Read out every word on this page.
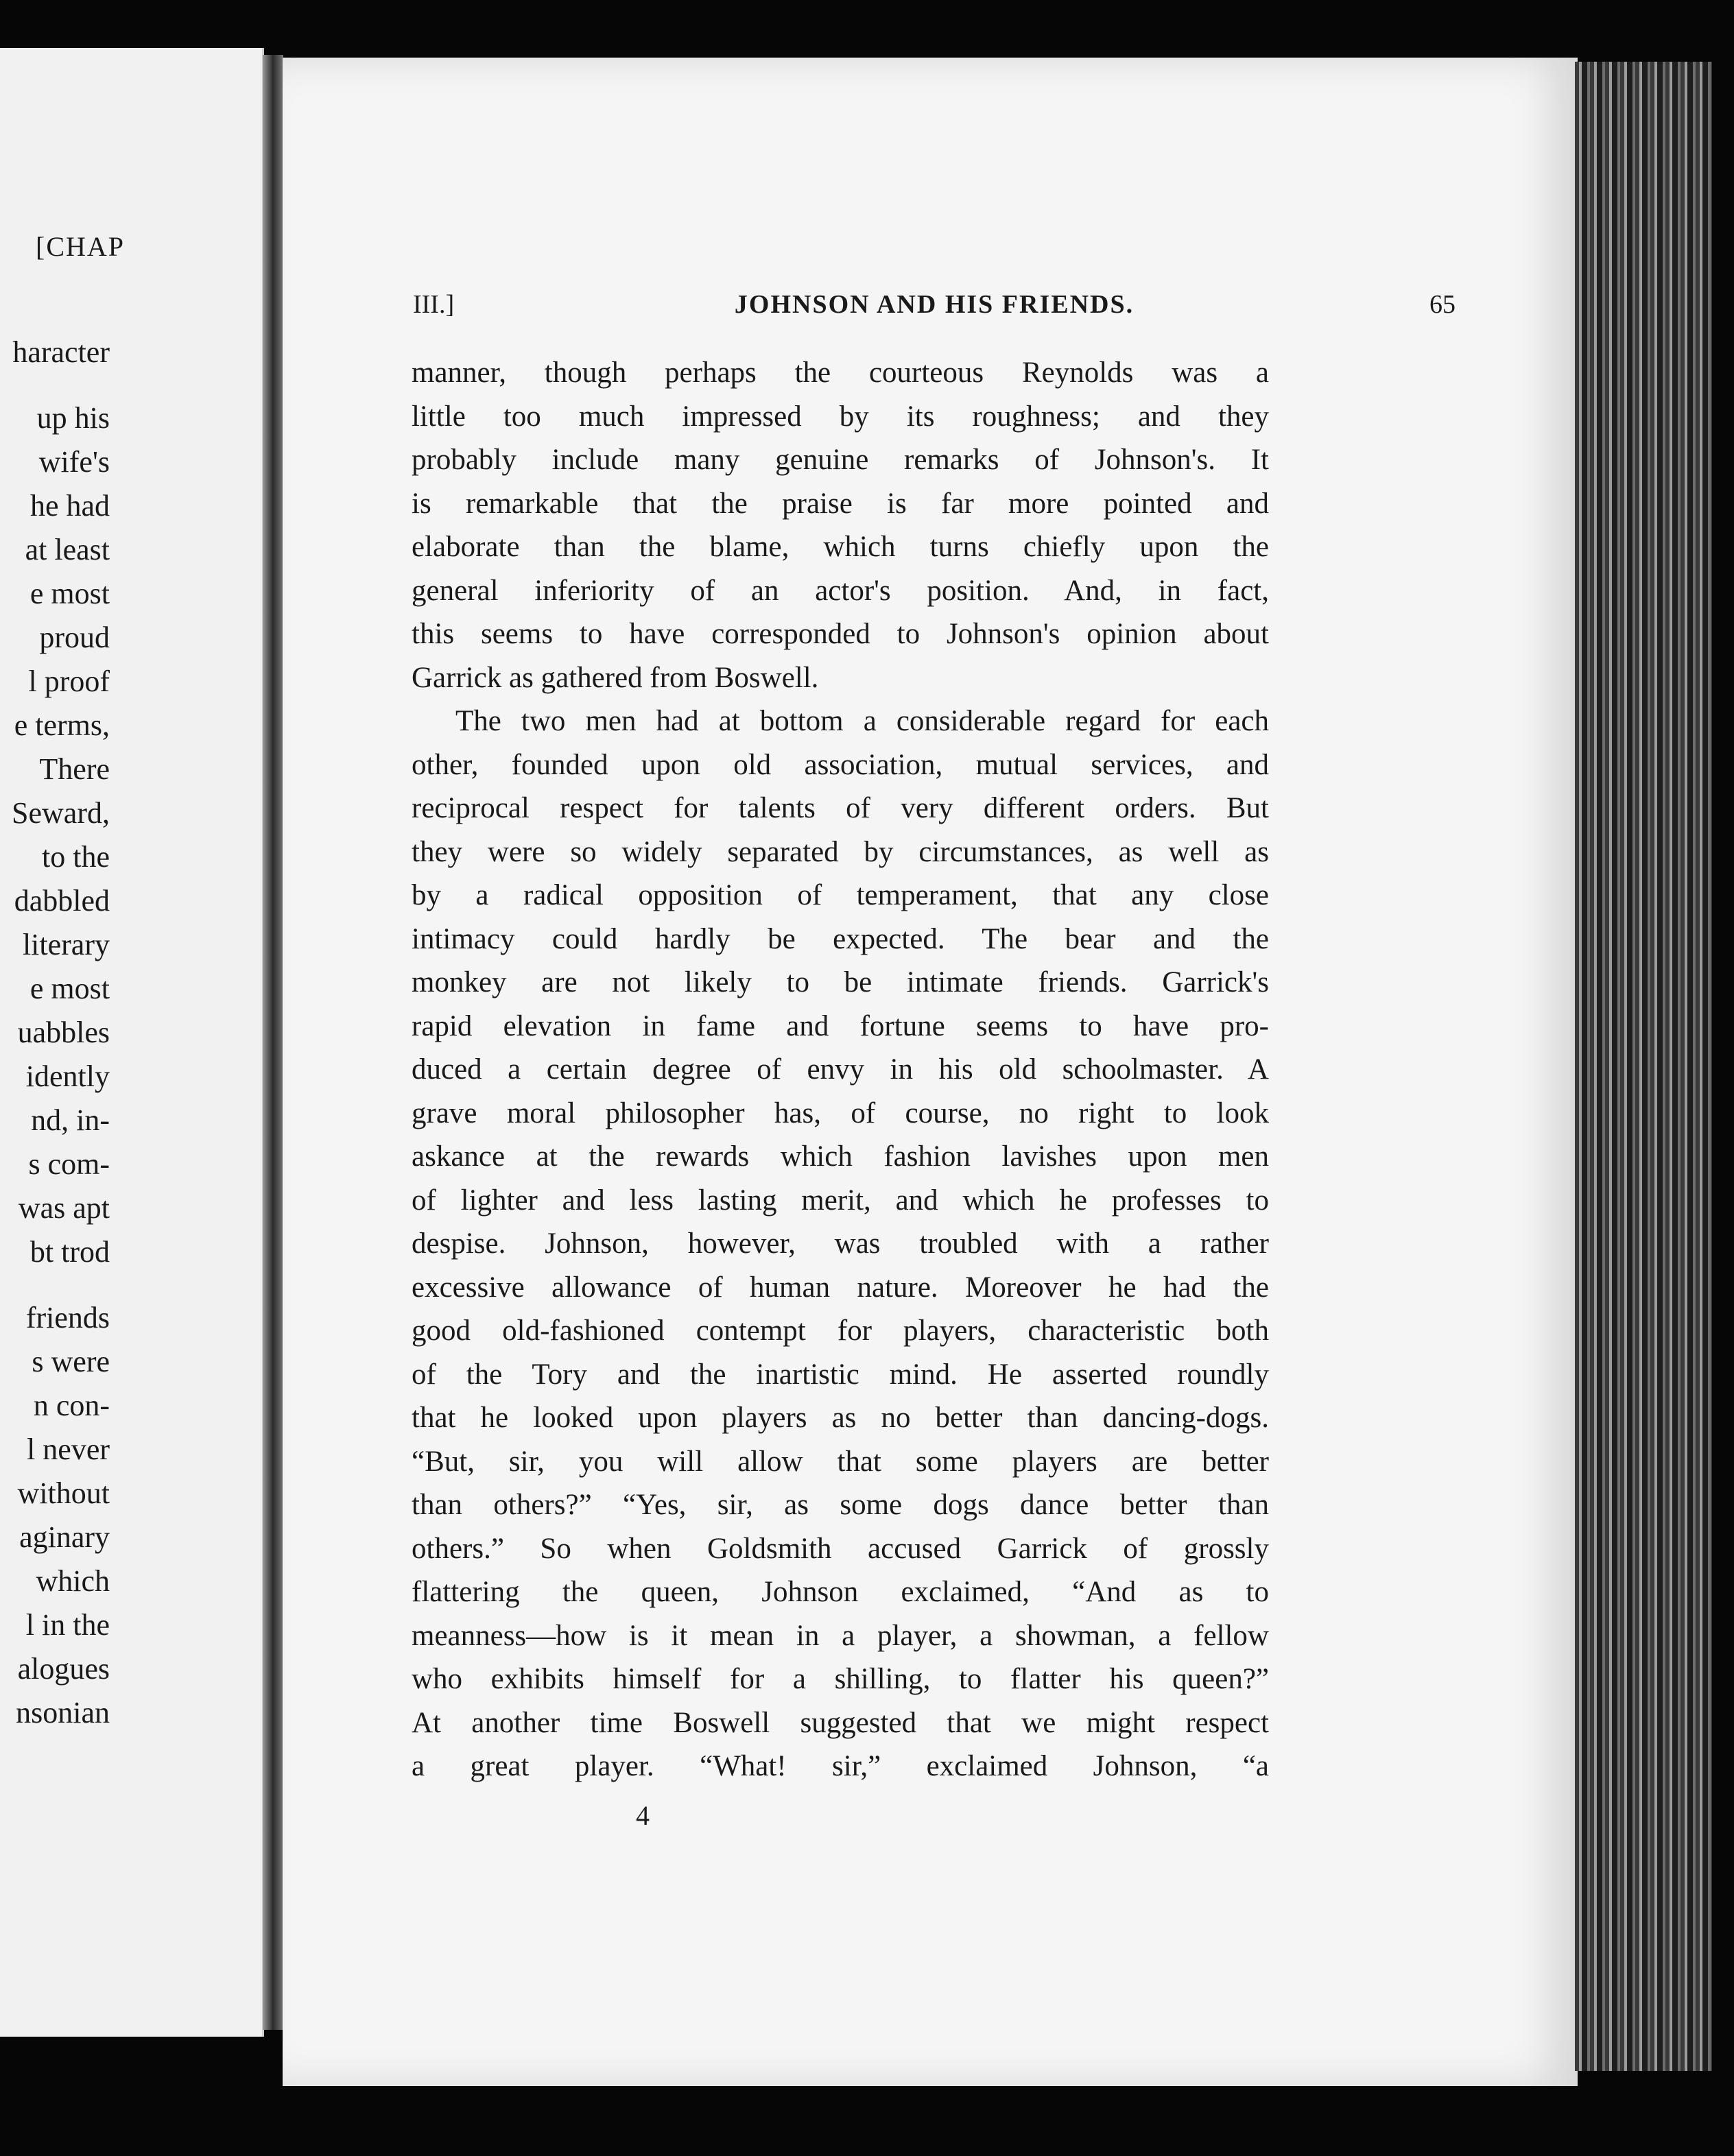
[CHAP
haracter
up his
wife's
he had
at least
e most
proud
l proof
e terms,
There
Seward,
to the
dabbled
literary
e most
uabbles
idently
nd, in-
s com-
was apt
bt trod
friends
s were
n con-
l never
without
aginary
which
l in the
alogues
nsonian
III.]	JOHNSON AND HIS FRIENDS.	65
manner, though perhaps the courteous Reynolds was a
little too much impressed by its roughness; and they
probably include many genuine remarks of Johnson's. It
is remarkable that the praise is far more pointed and
elaborate than the blame, which turns chiefly upon the
general inferiority of an actor's position. And, in fact,
this seems to have corresponded to Johnson's opinion about
Garrick as gathered from Boswell.
The two men had at bottom a considerable regard for each
other, founded upon old association, mutual services, and
reciprocal respect for talents of very different orders. But
they were so widely separated by circumstances, as well as
by a radical opposition of temperament, that any close
intimacy could hardly be expected. The bear and the
monkey are not likely to be intimate friends. Garrick's
rapid elevation in fame and fortune seems to have pro-
duced a certain degree of envy in his old schoolmaster. A
grave moral philosopher has, of course, no right to look
askance at the rewards which fashion lavishes upon men
of lighter and less lasting merit, and which he professes to
despise. Johnson, however, was troubled with a rather
excessive allowance of human nature. Moreover he had the
good old-fashioned contempt for players, characteristic both
of the Tory and the inartistic mind. He asserted roundly
that he looked upon players as no better than dancing-dogs.
“But, sir, you will allow that some players are better
than others?” “Yes, sir, as some dogs dance better than
others.” So when Goldsmith accused Garrick of grossly
flattering the queen, Johnson exclaimed, “And as to
meanness—how is it mean in a player, a showman, a fellow
who exhibits himself for a shilling, to flatter his queen?”
At another time Boswell suggested that we might respect
a great player. “What! sir,” exclaimed Johnson, “a
4
